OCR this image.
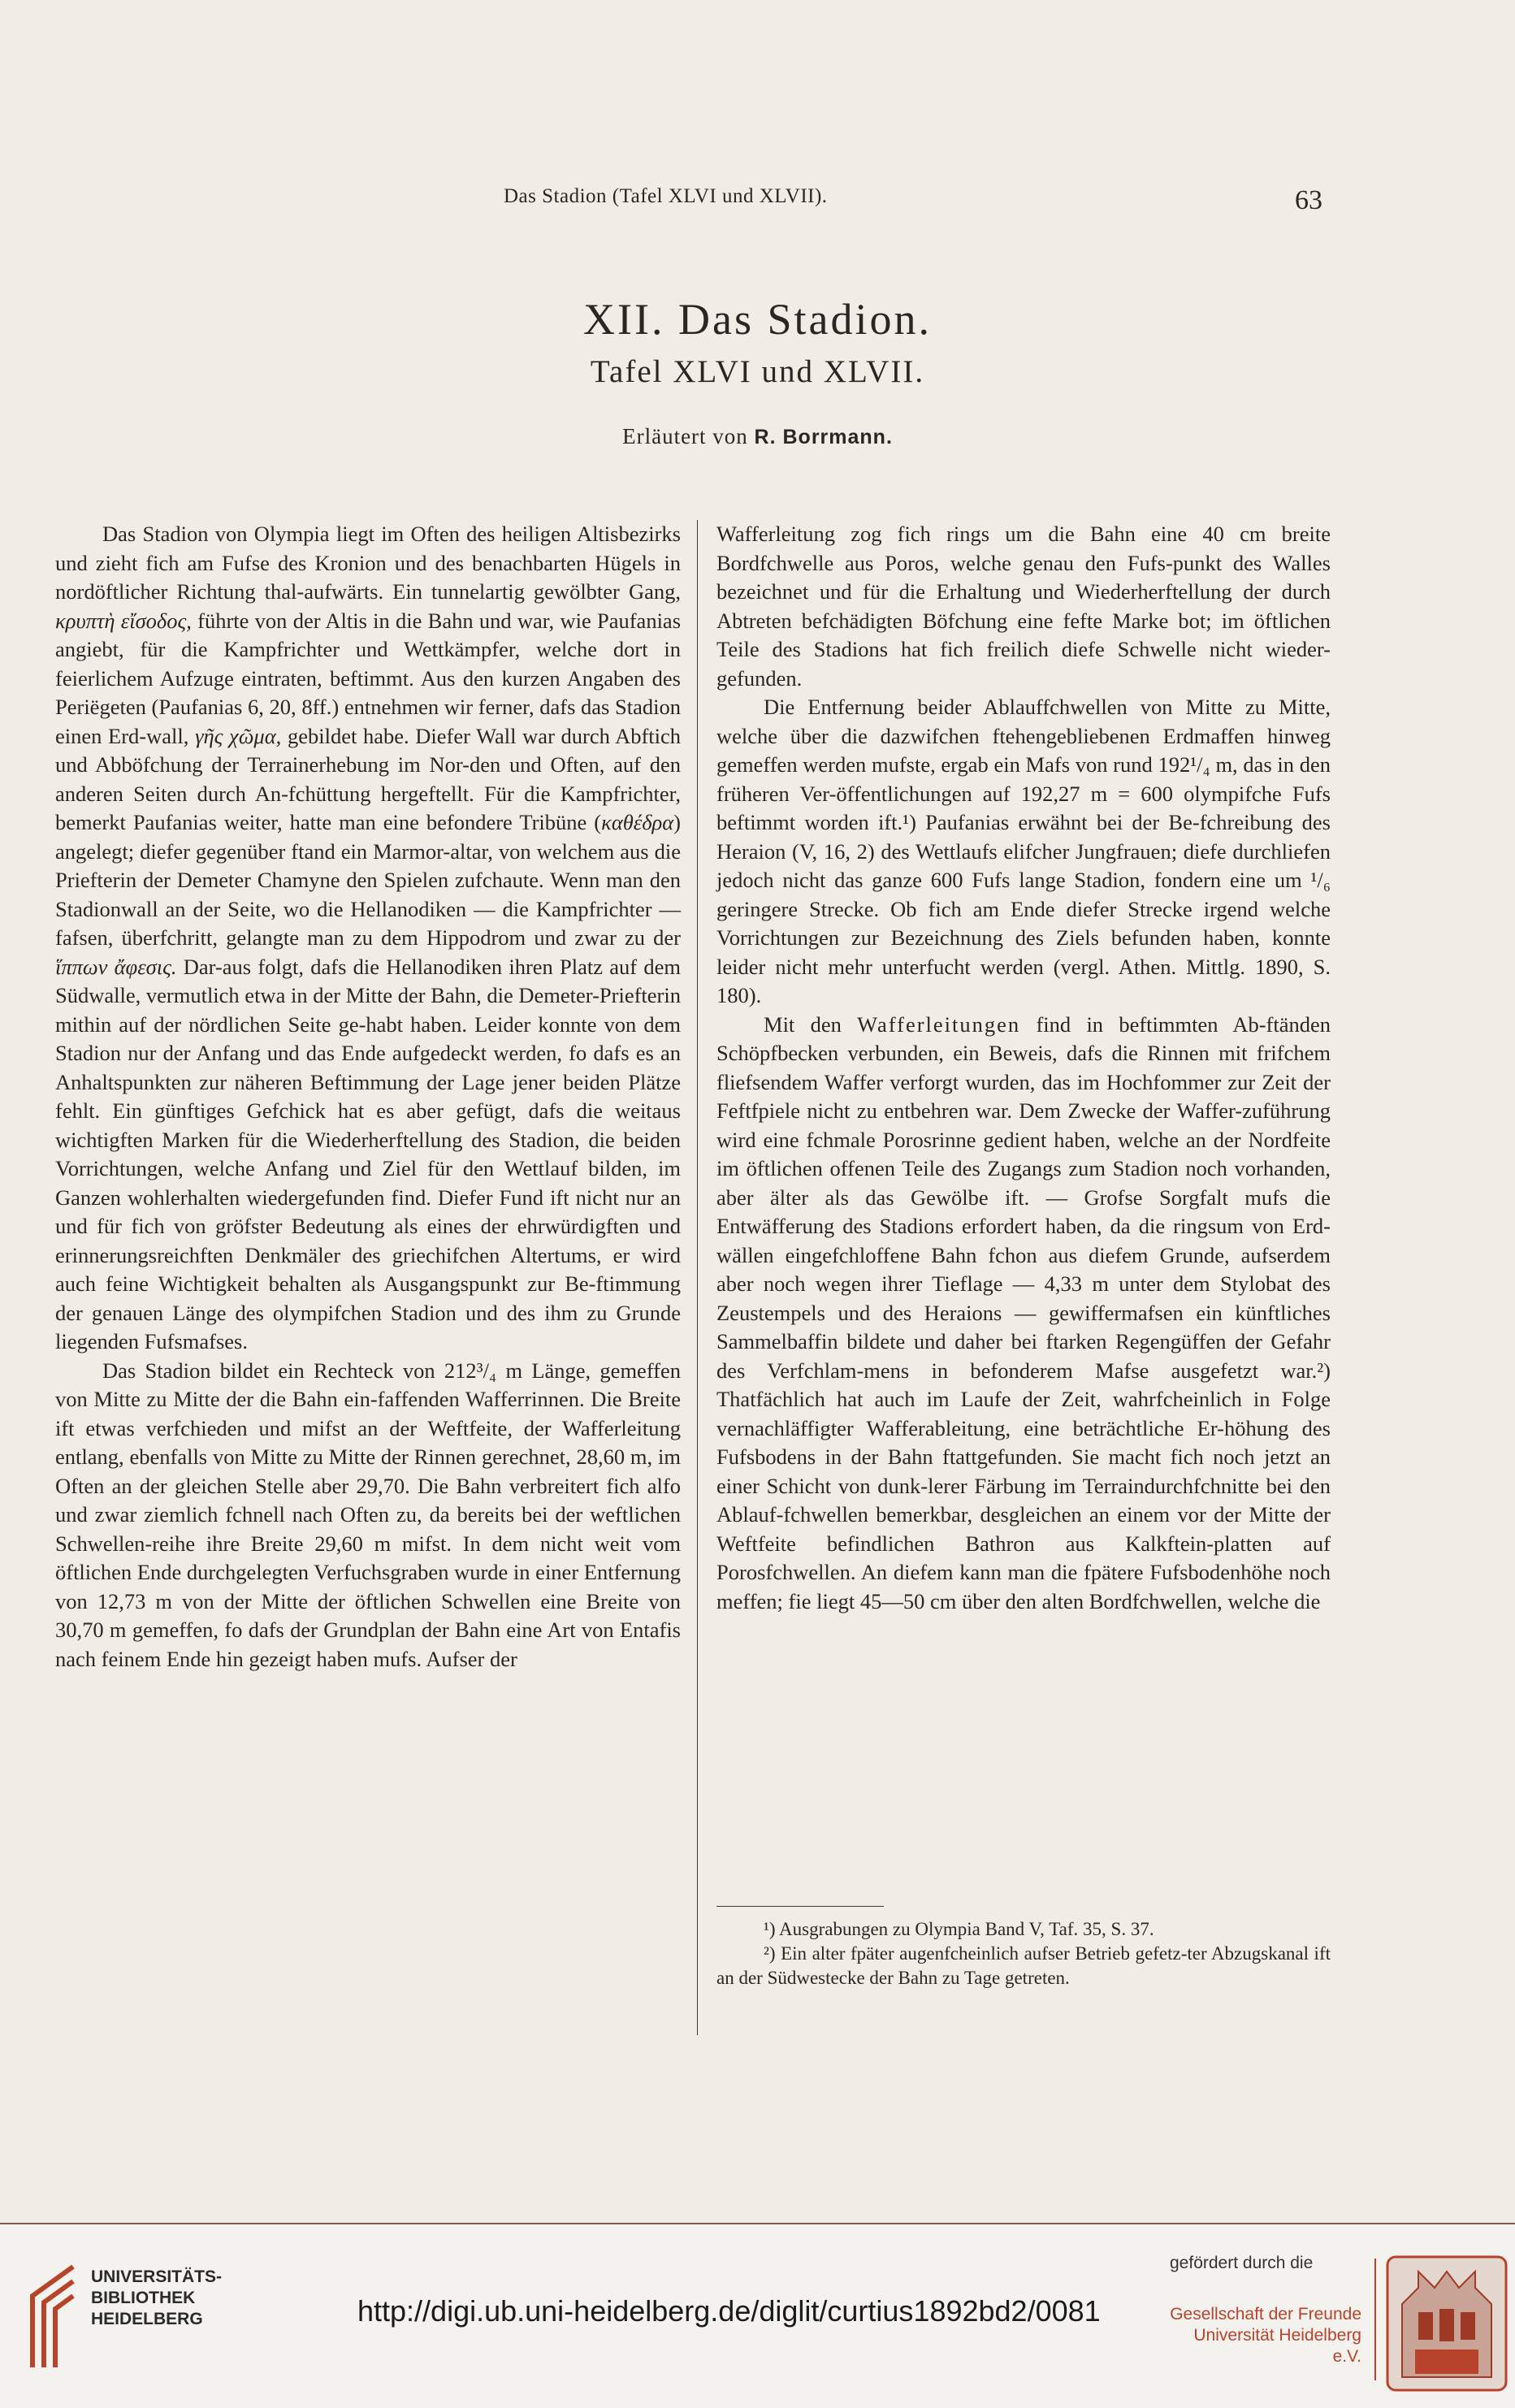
Das Stadion (Tafel XLVI und XLVII).	63
XII. Das Stadion.
Tafel XLVI und XLVII.
Erläutert von R. Borrmann.

Das Stadion von Olympia liegt im Often des heiligen Altisbezirks und zieht fich am Fufse des Kronion und des benachbarten Hügels in nordöftlicher Richtung thal-aufwärts. Ein tunnelartig gewölbter Gang, κρυπτὴ εἴσοδος, führte von der Altis in die Bahn und war, wie Paufanias angiebt, für die Kampfrichter und Wettkämpfer, welche dort in feierlichem Aufzuge eintraten, beftimmt. Aus den kurzen Angaben des Periëgeten (Paufanias 6, 20, 8ff.) entnehmen wir ferner, dafs das Stadion einen Erd-wall, γῆς χῶμα, gebildet habe. Diefer Wall war durch Abftich und Abböfchung der Terrainerhebung im Nor-den und Often, auf den anderen Seiten durch An-fchüttung hergeftellt. Für die Kampfrichter, bemerkt Paufanias weiter, hatte man eine befondere Tribüne (καθέδρα) angelegt; diefer gegenüber ftand ein Marmor-altar, von welchem aus die Priefterin der Demeter Chamyne den Spielen zufchaute. Wenn man den Stadionwall an der Seite, wo die Hellanodiken — die Kampfrichter — fafsen, überfchritt, gelangte man zu dem Hippodrom und zwar zu der ἵππων ἄφεσις. Dar-aus folgt, dafs die Hellanodiken ihren Platz auf dem Südwalle, vermutlich etwa in der Mitte der Bahn, die Demeter-Priefterin mithin auf der nördlichen Seite ge-habt haben. Leider konnte von dem Stadion nur der Anfang und das Ende aufgedeckt werden, fo dafs es an Anhaltspunkten zur näheren Beftimmung der Lage jener beiden Plätze fehlt. Ein günftiges Gefchick hat es aber gefügt, dafs die weitaus wichtigften Marken für die Wiederherftellung des Stadion, die beiden Vorrichtungen, welche Anfang und Ziel für den Wettlauf bilden, im Ganzen wohlerhalten wiedergefunden find. Diefer Fund ift nicht nur an und für fich von gröfster Bedeutung als eines der ehrwürdigften und erinnerungsreichften Denkmäler des griechifchen Altertums, er wird auch feine Wichtigkeit behalten als Ausgangspunkt zur Be-ftimmung der genauen Länge des olympifchen Stadion und des ihm zu Grunde liegenden Fufsmafses.

Das Stadion bildet ein Rechteck von 212³/₄ m Länge, gemeffen von Mitte zu Mitte der die Bahn ein-faffenden Wafferrinnen. Die Breite ift etwas verfchieden und mifst an der Weftfeite, der Wafferleitung entlang, ebenfalls von Mitte zu Mitte der Rinnen gerechnet, 28,60 m, im Often an der gleichen Stelle aber 29,70. Die Bahn verbreitert fich alfo und zwar ziemlich fchnell nach Often zu, da bereits bei der weftlichen Schwellen-reihe ihre Breite 29,60 m mifst. In dem nicht weit vom öftlichen Ende durchgelegten Verfuchsgraben wurde in einer Entfernung von 12,73 m von der Mitte der öftlichen Schwellen eine Breite von 30,70 m gemeffen, fo dafs der Grundplan der Bahn eine Art von Entafis nach feinem Ende hin gezeigt haben mufs. Aufser der

Wafferleitung zog fich rings um die Bahn eine 40 cm breite Bordfchwelle aus Poros, welche genau den Fufs-punkt des Walles bezeichnet und für die Erhaltung und Wiederherftellung der durch Abtreten befchädigten Böfchung eine fefte Marke bot; im öftlichen Teile des Stadions hat fich freilich diefe Schwelle nicht wieder-gefunden.

Die Entfernung beider Ablauffchwellen von Mitte zu Mitte, welche über die dazwifchen ftehengebliebenen Erdmaffen hinweg gemeffen werden mufste, ergab ein Mafs von rund 192¹/₄ m, das in den früheren Ver-öffentlichungen auf 192,27 m = 600 olympifche Fufs beftimmt worden ift.¹) Paufanias erwähnt bei der Be-fchreibung des Heraion (V, 16, 2) des Wettlaufs elifcher Jungfrauen; diefe durchliefen jedoch nicht das ganze 600 Fufs lange Stadion, fondern eine um ¹/₆ geringere Strecke. Ob fich am Ende diefer Strecke irgend welche Vorrichtungen zur Bezeichnung des Ziels befunden haben, konnte leider nicht mehr unterfucht werden (vergl. Athen. Mittlg. 1890, S. 180).

Mit den Wafferleitungen find in beftimmten Ab-ftänden Schöpfbecken verbunden, ein Beweis, dafs die Rinnen mit frifchem fliefsendem Waffer verforgt wurden, das im Hochfommer zur Zeit der Feftfpiele nicht zu entbehren war. Dem Zwecke der Waffer-zuführung wird eine fchmale Porosrinne gedient haben, welche an der Nordfeite im öftlichen offenen Teile des Zugangs zum Stadion noch vorhanden, aber älter als das Gewölbe ift. — Grofse Sorgfalt mufs die Entwäfferung des Stadions erfordert haben, da die ringsum von Erd-wällen eingefchloffene Bahn fchon aus diefem Grunde, aufserdem aber noch wegen ihrer Tieflage — 4,33 m unter dem Stylobat des Zeustempels und des Heraions — gewiffermafsen ein künftliches Sammelbaffin bildete und daher bei ftarken Regengüffen der Gefahr des Verfchlam-mens in befonderem Mafse ausgefetzt war.²) Thatfächlich hat auch im Laufe der Zeit, wahrfcheinlich in Folge vernachläffigter Wafferableitung, eine beträchtliche Er-höhung des Fufsbodens in der Bahn ftattgefunden. Sie macht fich noch jetzt an einer Schicht von dunk-lerer Färbung im Terraindurchfchnitte bei den Ablauf-fchwellen bemerkbar, desgleichen an einem vor der Mitte der Weftfeite befindlichen Bathron aus Kalkftein-platten auf Porosfchwellen. An diefem kann man die fpätere Fufsbodenhöhe noch meffen; fie liegt 45—50 cm über den alten Bordfchwellen, welche die

¹) Ausgrabungen zu Olympia Band V, Taf. 35, S. 37.

²) Ein alter fpäter augenfcheinlich aufser Betrieb gefetz-ter Abzugskanal ift an der Südwestecke der Bahn zu Tage getreten.

UNIVERSITÄTS-
BIBLIOTHEK
HEIDELBERG	http://digi.ub.uni-heidelberg.de/diglit/curtius1892bd2/0081
gefördert durch die
Gesellschaft der Freunde
Universität Heidelberg e.V.
